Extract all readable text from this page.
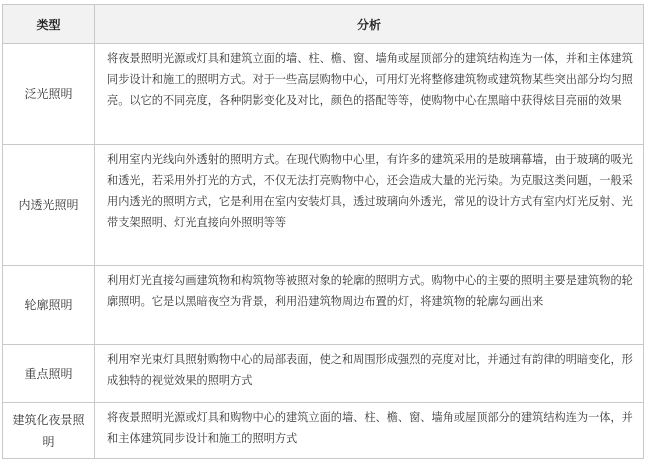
类型	分析
泛光照明	将夜景照明光源或灯具和建筑立面的墙、柱、檐、窗、墙角或屋顶部分的建筑结构连为一体，并和主体建筑同步设计和施工的照明方式。对于一些高层购物中心，可用灯光将整修建筑物或建筑物某些突出部分均匀照亮。以它的不同亮度，各种阴影变化及对比，颜色的搭配等等，使购物中心在黑暗中获得炫目亮丽的效果
内透光照明	利用室内光线向外透射的照明方式。在现代购物中心里，有许多的建筑采用的是玻璃幕墙，由于玻璃的吸光和透光，若采用外打光的方式，不仅无法打亮购物中心，还会造成大量的光污染。为克服这类问题，一般采用内透光的照明方式，它是利用在室内安装灯具，透过玻璃向外透光，常见的设计方式有室内灯光反射、光带支架照明、灯光直接向外照明等等
轮廓照明	利用灯光直接勾画建筑物和构筑物等被照对象的轮廓的照明方式。购物中心的主要的照明主要是建筑物的轮廓照明。它是以黑暗夜空为背景，利用沿建筑物周边布置的灯，将建筑物的轮廓勾画出来
重点照明	利用窄光束灯具照射购物中心的局部表面，使之和周围形成强烈的亮度对比，并通过有韵律的明暗变化，形成独特的视觉效果的照明方式
建筑化夜景照明	将夜景照明光源或灯具和购物中心的建筑立面的墙、柱、檐、窗、墙角或屋顶部分的建筑结构连为一体，并和主体建筑同步设计和施工的照明方式
